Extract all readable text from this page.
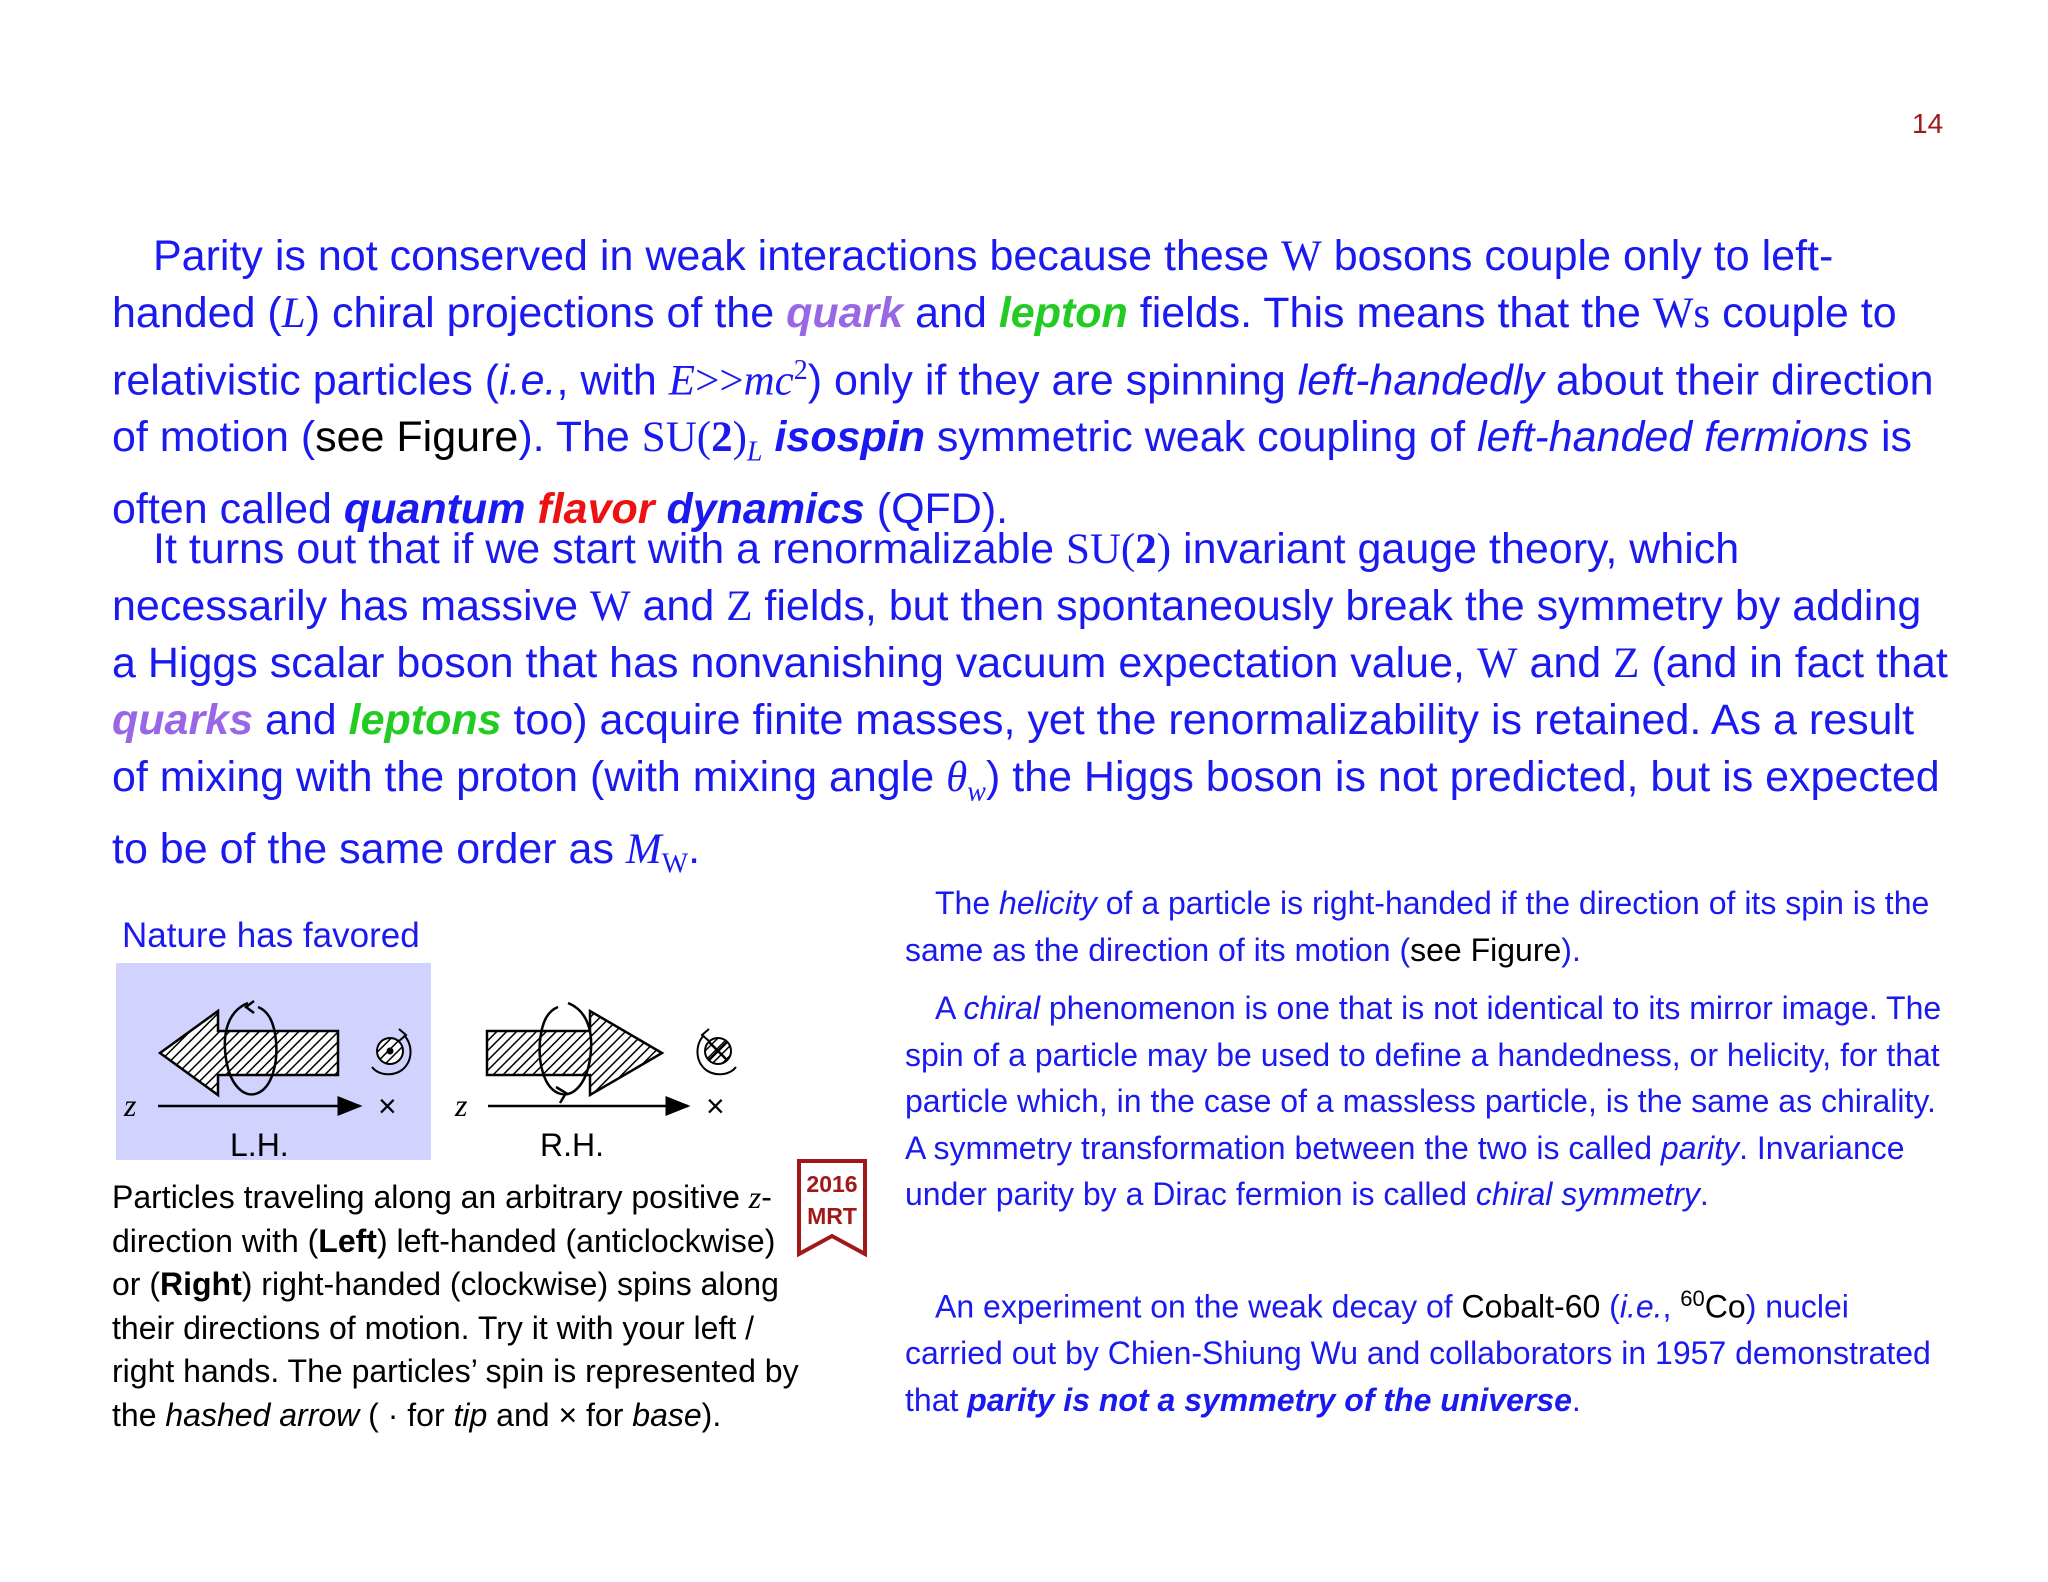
14

Parity is not conserved in weak interactions because these W bosons couple only to left-handed (L) chiral projections of the quark and lepton fields. This means that the Ws couple to relativistic particles (i.e., with $E>>mc^2$) only if they are spinning left-handedly about their direction of motion (see Figure). The $SU(2)_L$ isospin symmetric weak coupling of left-handed fermions is often called quantum flavor dynamics (QFD).

It turns out that if we start with a renormalizable SU(2) invariant gauge theory, which necessarily has massive W and Z fields, but then spontaneously break the symmetry by adding a Higgs scalar boson that has nonvanishing vacuum expectation value, W and Z (and in fact that quarks and leptons too) acquire finite masses, yet the renormalizability is retained. As a result of mixing with the proton (with mixing angle $\theta_w$) the Higgs boson is not predicted, but is expected to be of the same order as $M_W$.

Nature has favored
z	×
L.H.
z	×
R.H.

Particles traveling along an arbitrary positive z-direction with (Left) left-handed (anticlockwise) or (Right) right-handed (clockwise) spins along their directions of motion. Try it with your left / right hands. The particles’ spin is represented by the hashed arrow ( · for tip and × for base).

2016
MRT

The helicity of a particle is right-handed if the direction of its spin is the same as the direction of its motion (see Figure).

A chiral phenomenon is one that is not identical to its mirror image. The spin of a particle may be used to define a handedness, or helicity, for that particle which, in the case of a massless particle, is the same as chirality. A symmetry transformation between the two is called parity. Invariance under parity by a Dirac fermion is called chiral symmetry.

An experiment on the weak decay of Cobalt-60 (i.e., $^{60}$Co) nuclei carried out by Chien-Shiung Wu and collaborators in 1957 demonstrated that parity is not a symmetry of the universe.
